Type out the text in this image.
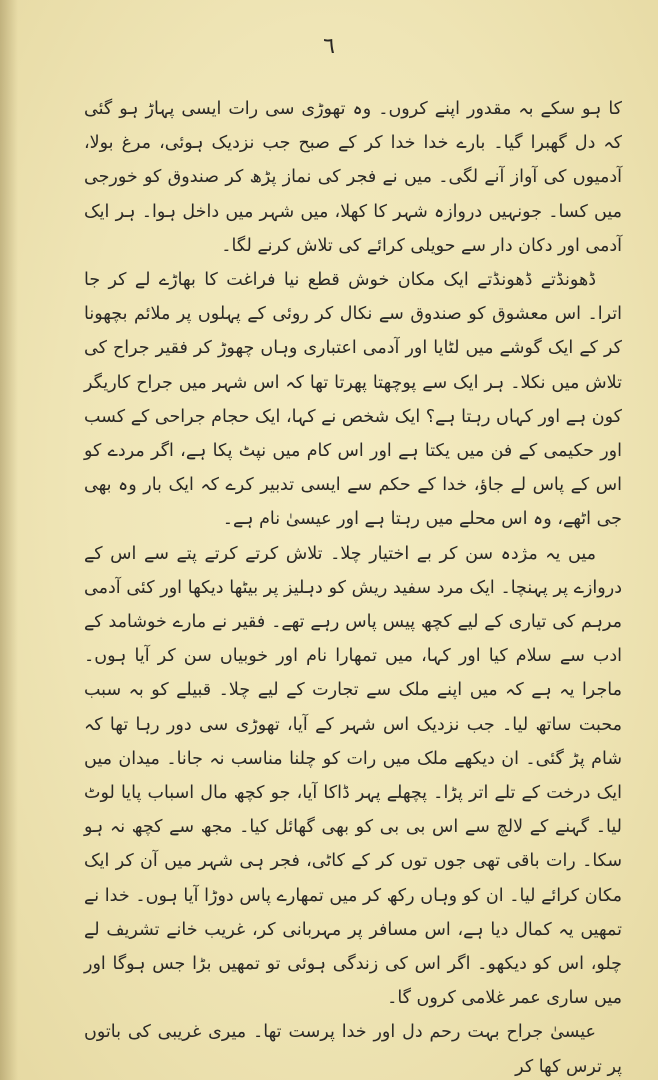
٦

کا ہو سکے بہ مقدور اپنے کروں۔ وہ تھوڑی سی رات ایسی پہاڑ ہو گئی کہ دل گھبرا گیا۔ بارے خدا خدا کر کے صبح جب نزدیک ہوئی، مرغ بولا، آدمیوں کی آواز آنے لگی۔ میں نے فجر کی نماز پڑھ کر صندوق کو خورجی میں کسا۔ جونہیں دروازہ شہر کا کھلا، میں شہر میں داخل ہوا۔ ہر ایک آدمی اور دکان دار سے حویلی کرائے کی تلاش کرنے لگا۔

ڈھونڈتے ڈھونڈتے ایک مکان خوش قطع نیا فراغت کا بھاڑے لے کر جا اترا۔ اس معشوق کو صندوق سے نکال کر روئی کے پہلوں پر ملائم بچھونا کر کے ایک گوشے میں لٹایا اور آدمی اعتباری وہاں چھوڑ کر فقیر جراح کی تلاش میں نکلا۔ ہر ایک سے پوچھتا پھرتا تھا کہ اس شہر میں جراح کاریگر کون ہے اور کہاں رہتا ہے؟ ایک شخص نے کہا، ایک حجام جراحی کے کسب اور حکیمی کے فن میں یکتا ہے اور اس کام میں نپٹ پکا ہے، اگر مردے کو اس کے پاس لے جاؤ، خدا کے حکم سے ایسی تدبیر کرے کہ ایک بار وہ بھی جی اٹھے، وہ اس محلے میں رہتا ہے اور عیسیٰ نام ہے۔

میں یہ مژدہ سن کر بے اختیار چلا۔ تلاش کرتے کرتے پتے سے اس کے دروازے پر پہنچا۔ ایک مرد سفید ریش کو دہلیز پر بیٹھا دیکھا اور کئی آدمی مرہم کی تیاری کے لیے کچھ پیس پاس رہے تھے۔ فقیر نے مارے خوشامد کے ادب سے سلام کیا اور کہا، میں تمھارا نام اور خوبیاں سن کر آیا ہوں۔ ماجرا یہ ہے کہ میں اپنے ملک سے تجارت کے لیے چلا۔ قبیلے کو بہ سبب محبت ساتھ لیا۔ جب نزدیک اس شہر کے آیا، تھوڑی سی دور رہا تھا کہ شام پڑ گئی۔ ان دیکھے ملک میں رات کو چلنا مناسب نہ جانا۔ میدان میں ایک درخت کے تلے اتر پڑا۔ پچھلے پہر ڈاکا آیا، جو کچھ مال اسباب پایا لوٹ لیا۔ گہنے کے لالچ سے اس بی بی کو بھی گھائل کیا۔ مجھ سے کچھ نہ ہو سکا۔ رات باقی تھی جوں توں کر کے کاٹی، فجر ہی شہر میں آن کر ایک مکان کرائے لیا۔ ان کو وہاں رکھ کر میں تمھارے پاس دوڑا آیا ہوں۔ خدا نے تمھیں یہ کمال دیا ہے، اس مسافر پر مہربانی کر، غریب خانے تشریف لے چلو، اس کو دیکھو۔ اگر اس کی زندگی ہوئی تو تمھیں بڑا جس ہوگا اور میں ساری عمر غلامی کروں گا۔

عیسیٰ جراح بہت رحم دل اور خدا پرست تھا۔ میری غریبی کی باتوں پر ترس کھا کر
